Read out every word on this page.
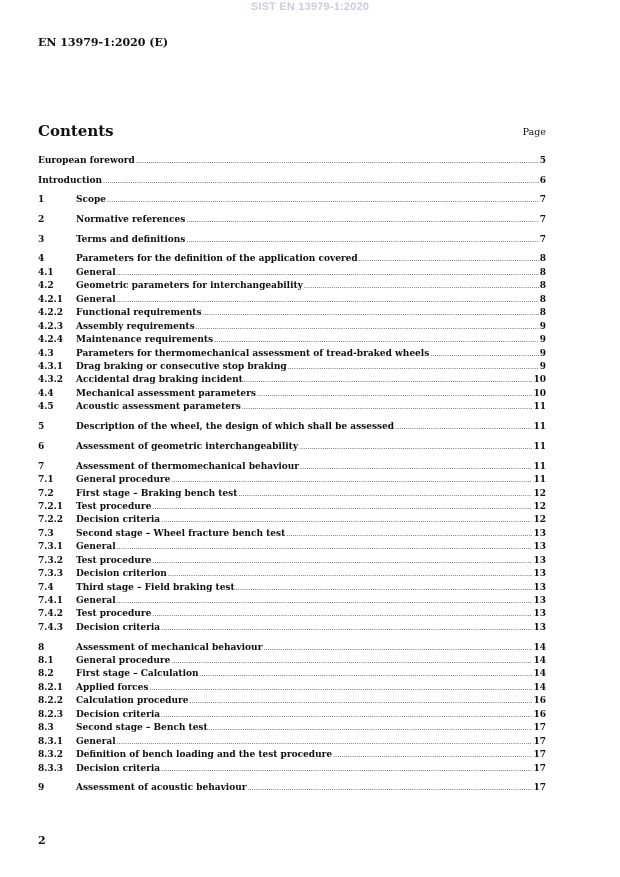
SIST EN 13979-1:2020
EN 13979-1:2020 (E)
Contents	Page
European foreword .....	5
Introduction .....	6
1	Scope .....	7
2	Normative references .....	7
3	Terms and definitions .....	7
4	Parameters for the definition of the application covered .....	8
4.1	General .....	8
4.2	Geometric parameters for interchangeability .....	8
4.2.1	General .....	8
4.2.2	Functional requirements .....	8
4.2.3	Assembly requirements .....	9
4.2.4	Maintenance requirements .....	9
4.3	Parameters for thermomechanical assessment of tread-braked wheels .....	9
4.3.1	Drag braking or consecutive stop braking .....	9
4.3.2	Accidental drag braking incident .....	10
4.4	Mechanical assessment parameters .....	10
4.5	Acoustic assessment parameters .....	11
5	Description of the wheel, the design of which shall be assessed .....	11
6	Assessment of geometric interchangeability .....	11
7	Assessment of thermomechanical behaviour .....	11
7.1	General procedure .....	11
7.2	First stage – Braking bench test .....	12
7.2.1	Test procedure .....	12
7.2.2	Decision criteria .....	12
7.3	Second stage – Wheel fracture bench test .....	13
7.3.1	General .....	13
7.3.2	Test procedure .....	13
7.3.3	Decision criterion .....	13
7.4	Third stage – Field braking test .....	13
7.4.1	General .....	13
7.4.2	Test procedure .....	13
7.4.3	Decision criteria .....	13
8	Assessment of mechanical behaviour .....	14
8.1	General procedure .....	14
8.2	First stage – Calculation .....	14
8.2.1	Applied forces .....	14
8.2.2	Calculation procedure .....	16
8.2.3	Decision criteria .....	16
8.3	Second stage – Bench test .....	17
8.3.1	General .....	17
8.3.2	Definition of bench loading and the test procedure .....	17
8.3.3	Decision criteria .....	17
9	Assessment of acoustic behaviour .....	17
2
